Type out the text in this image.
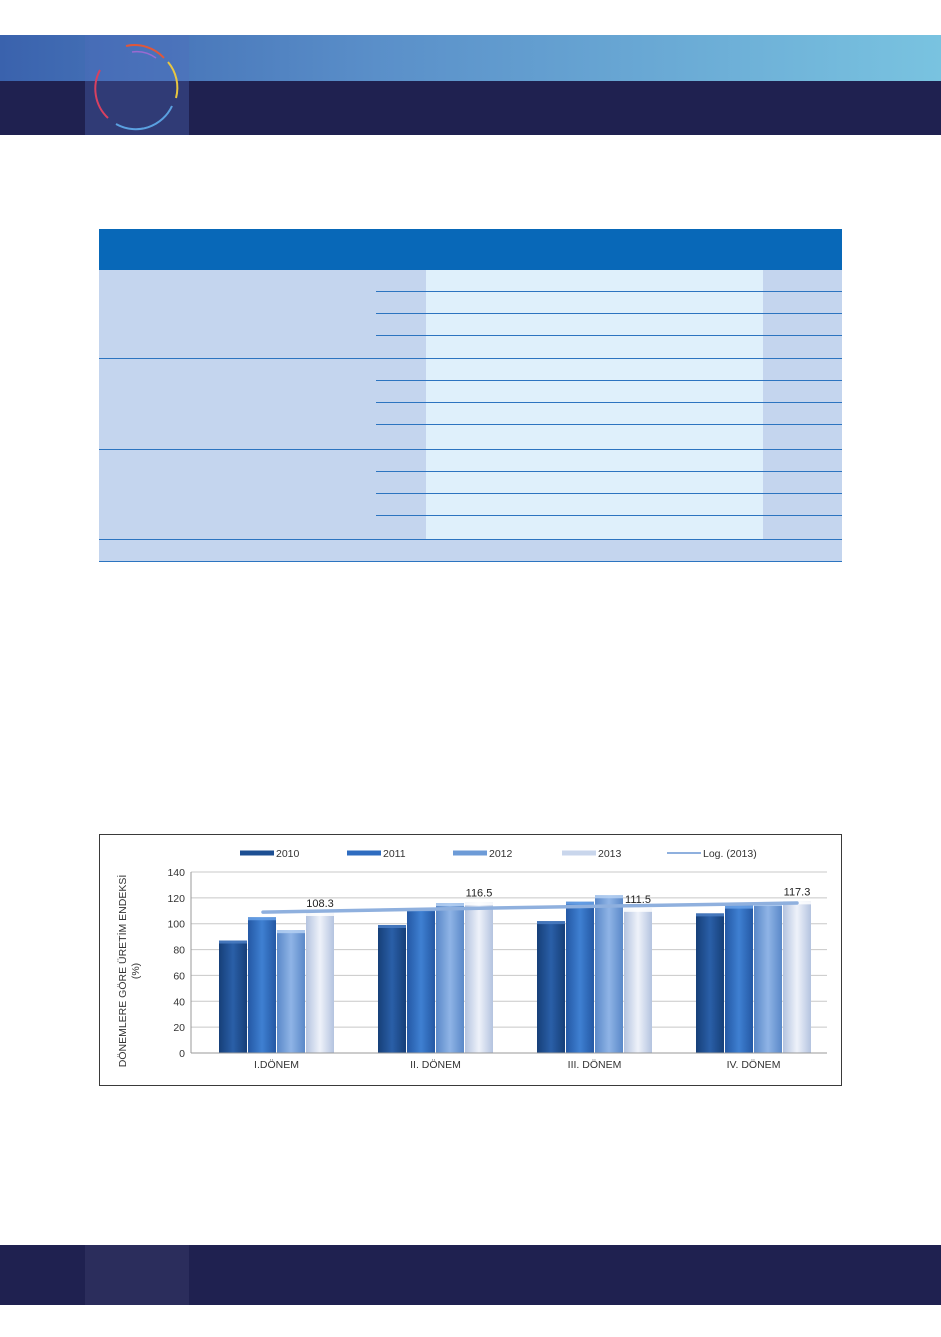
108.3
116.5
111.5
117.3
2010	2011	2012	2013	Log. (2013)
0
20
40
60
80
100
120
140
I.DÖNEM	II. DÖNEM	III. DÖNEM	IV. DÖNEM
DÖNEMLERE GÖRE ÜRETİM ENDEKSİ (%)
